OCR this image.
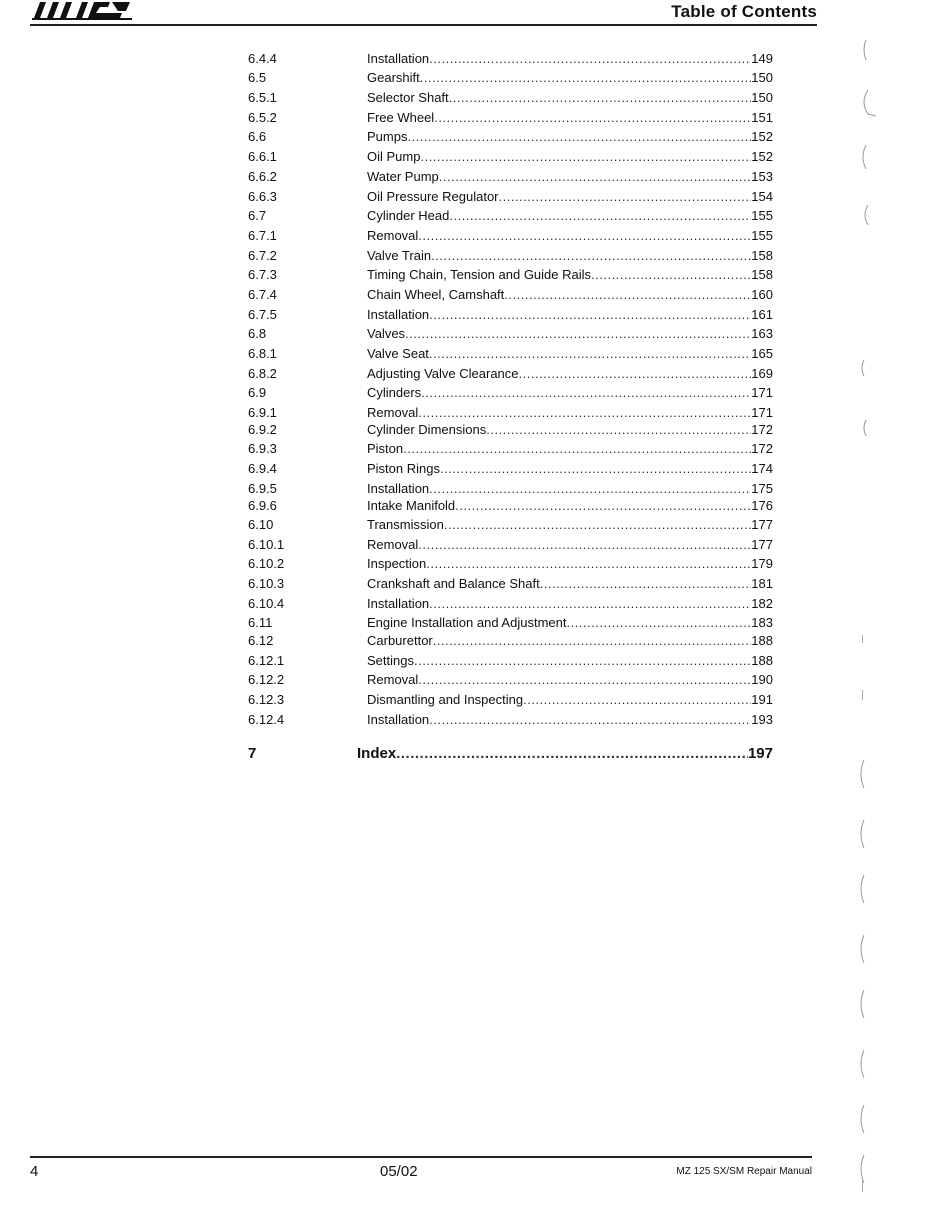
Table of Contents
6.4.4	Installation .....	149
6.5	Gearshift .....	150
6.5.1	Selector Shaft .....	150
6.5.2	Free Wheel .....	151
6.6	Pumps .....	152
6.6.1	Oil Pump .....	152
6.6.2	Water Pump .....	153
6.6.3	Oil Pressure Regulator .....	154
6.7	Cylinder Head .....	155
6.7.1	Removal .....	155
6.7.2	Valve Train .....	158
6.7.3	Timing Chain, Tension and Guide Rails .....	158
6.7.4	Chain Wheel, Camshaft .....	160
6.7.5	Installation .....	161
6.8	Valves .....	163
6.8.1	Valve Seat .....	165
6.8.2	Adjusting Valve Clearance .....	169
6.9	Cylinders .....	171
6.9.1	Removal .....	171
6.9.2	Cylinder Dimensions .....	172
6.9.3	Piston .....	172
6.9.4	Piston Rings .....	174
6.9.5	Installation .....	175
6.9.6	Intake Manifold .....	176
6.10	Transmission .....	177
6.10.1	Removal .....	177
6.10.2	Inspection .....	179
6.10.3	Crankshaft and Balance Shaft .....	181
6.10.4	Installation .....	182
6.11	Engine Installation and Adjustment .....	183
6.12	Carburettor .....	188
6.12.1	Settings .....	188
6.12.2	Removal .....	190
6.12.3	Dismantling and Inspecting .....	191
6.12.4	Installation .....	193
7	Index .....	197
4	05/02	MZ 125 SX/SM Repair Manual
